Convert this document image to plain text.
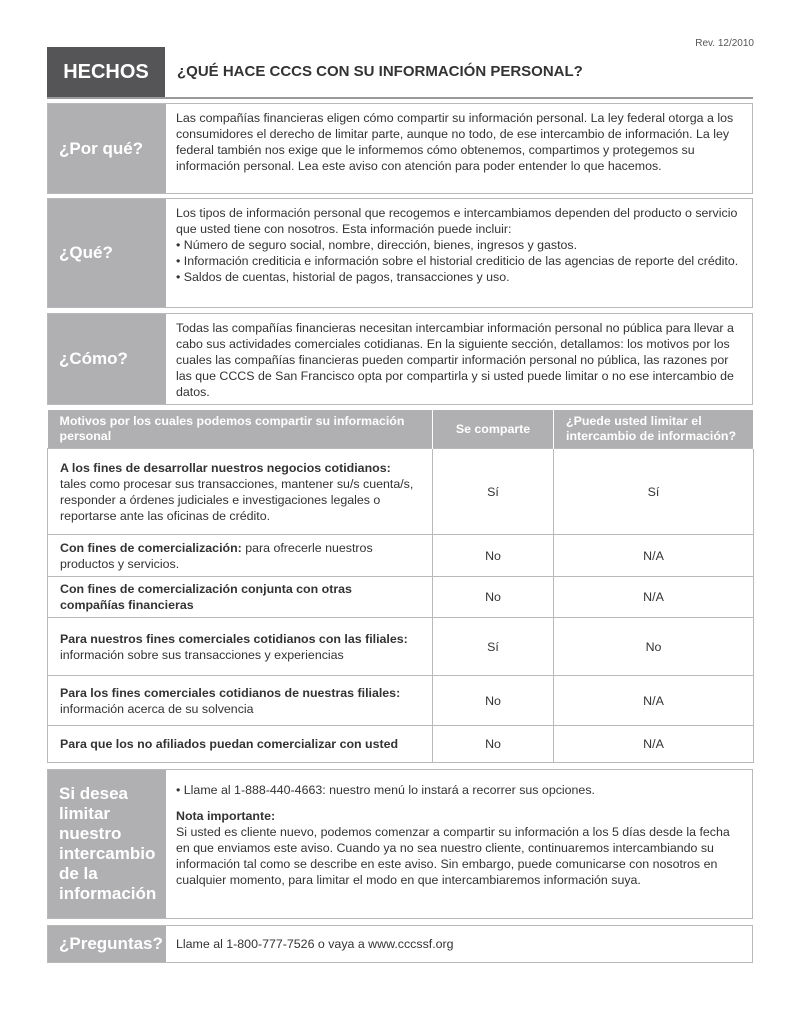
Rev. 12/2010
HECHOS	¿QUÉ HACE CCCS CON SU INFORMACIÓN PERSONAL?
¿Por qué?

Las compañías financieras eligen cómo compartir su información personal. La ley federal otorga a los consumidores el derecho de limitar parte, aunque no todo, de ese intercambio de información. La ley federal también nos exige que le informemos cómo obtenemos, compartimos y protegemos su información personal. Lea este aviso con atención para poder entender lo que hacemos.

¿Qué?

Los tipos de información personal que recogemos e intercambiamos dependen del producto o servicio que usted tiene con nosotros. Esta información puede incluir:

• Número de seguro social, nombre, dirección, bienes, ingresos y gastos.

• Información crediticia e información sobre el historial crediticio de las agencias de reporte del crédito.

• Saldos de cuentas, historial de pagos, transacciones y uso.

¿Cómo?

Todas las compañías financieras necesitan intercambiar información personal no pública para llevar a cabo sus actividades comerciales cotidianas. En la siguiente sección, detallamos: los motivos por los cuales las compañías financieras pueden compartir información personal no pública, las razones por las que CCCS de San Francisco opta por compartirla y si usted puede limitar o no ese intercambio de datos.

Motivos por los cuales podemos compartir su información personal	Se comparte	¿Puede usted limitar el intercambio de información?
A los fines de desarrollar nuestros negocios cotidianos: tales como procesar sus transacciones, mantener su/s cuenta/s, responder a órdenes judiciales e investigaciones legales o reportarse ante las oficinas de crédito.	Sí	Sí
Con fines de comercialización: para ofrecerle nuestros productos y servicios.	No	N/A
Con fines de comercialización conjunta con otras compañías financieras	No	N/A
Para nuestros fines comerciales cotidianos con las filiales: información sobre sus transacciones y experiencias	Sí	No
Para los fines comerciales cotidianos de nuestras filiales: información acerca de su solvencia	No	N/A
Para que los no afiliados puedan comercializar con usted	No	N/A
Si desea limitar nuestro intercambio de la información

• Llame al 1-888-440-4663: nuestro menú lo instará a recorrer sus opciones.

Nota importante:

Si usted es cliente nuevo, podemos comenzar a compartir su información a los 5 días desde la fecha en que enviamos este aviso. Cuando ya no sea nuestro cliente, continuaremos intercambiando su información tal como se describe en este aviso. Sin embargo, puede comunicarse con nosotros en cualquier momento, para limitar el modo en que intercambiaremos información suya.

¿Preguntas? Llame al 1-800-777-7526 o vaya a www.cccssf.org
